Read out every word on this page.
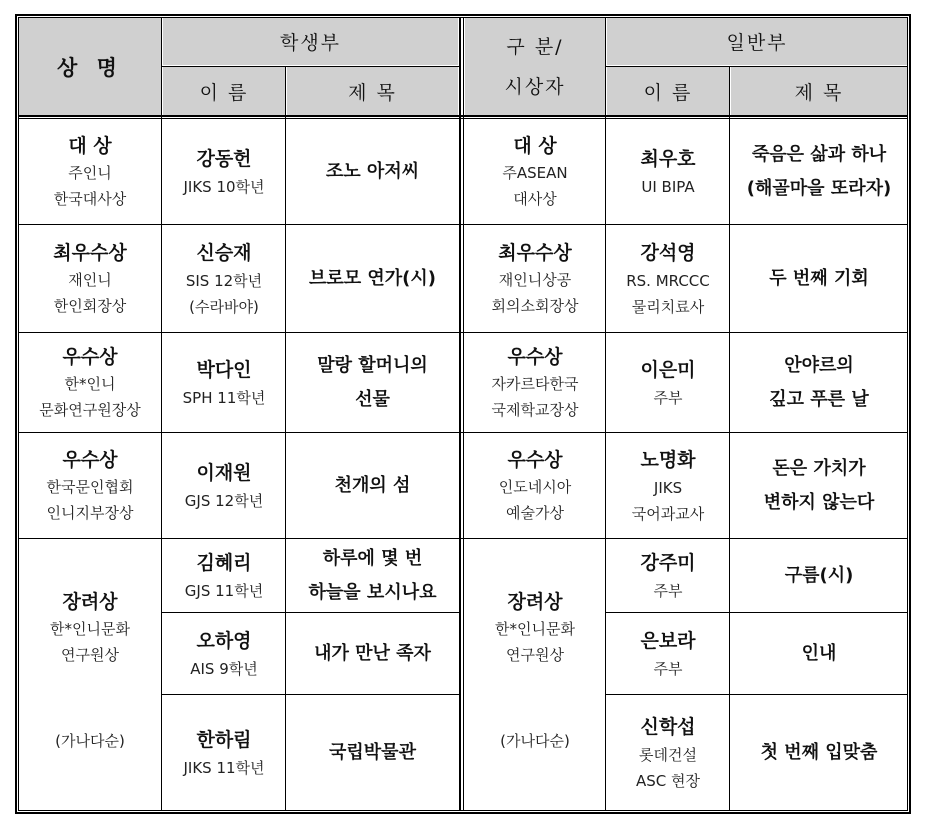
상 명
학생부
이 름	제 목
구 분/
시상자
일반부
이 름	제 목
대 상
주인니
한국대사상
최우수상
재인니
한인회장상
우수상
한*인니
문화연구원장상
우수상
한국문인협회
인니지부장상
장려상
한*인니문화
연구원상
(가나다순)
대 상
주ASEAN
대사상
최우수상
재인니상공
회의소회장상
우수상
자카르타한국
국제학교장상
우수상
인도네시아
예술가상
장려상
한*인니문화
연구원상
(가나다순)
강동헌
JIKS 10학년
신승재
SIS 12학년
(수라바야)
박다인
SPH 11학년
이재원
GJS 12학년
김혜리
GJS 11학년
오하영
AIS 9학년
한하림
JIKS 11학년
조노 아저씨
브로모 연가(시)
말랑 할머니의
선물
천개의 섬
하루에 몇 번
하늘을 보시나요
내가 만난 족자
국립박물관
최우호
UI BIPA
강석영
RS. MRCCC
물리치료사
이은미
주부
노명화
JIKS
국어과교사
강주미
주부
은보라
주부
신학섭
롯데건설
ASC 현장
죽음은 삶과 하나
(해골마을 또라자)
두 번째 기회
안야르의
깊고 푸른 날
돈은 가치가
변하지 않는다
구름(시)
인내
첫 번째 입맞춤
